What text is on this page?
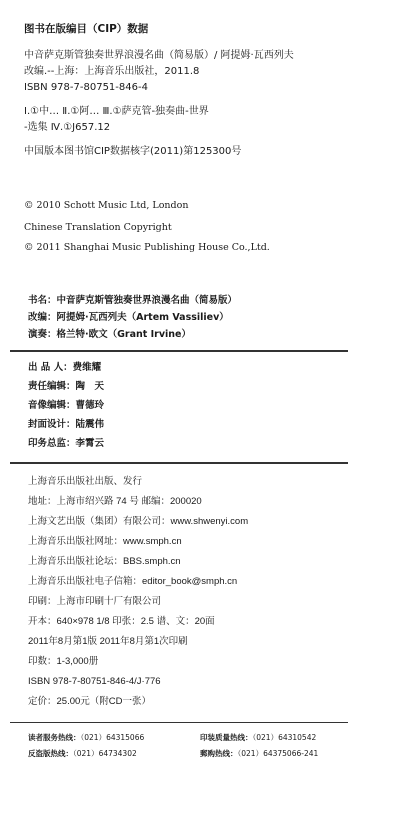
图书在版编目（CIP）数据
中音萨克斯管独奏世界浪漫名曲（简易版）/ 阿提姆·瓦西列夫
改编.--上海：上海音乐出版社，2011.8
ISBN 978-7-80751-846-4
Ⅰ.①中… Ⅱ.①阿… Ⅲ.①萨克管-独奏曲-世界
-选集 Ⅳ.①J657.12
中国版本图书馆CIP数据核字(2011)第125300号
© 2010 Schott Music Ltd, London
Chinese Translation Copyright
© 2011 Shanghai Music Publishing House Co.,Ltd.
书名：中音萨克斯管独奏世界浪漫名曲（简易版）
改编：阿提姆·瓦西列夫（Artem Vassiliev）
演奏：格兰特·欧文（Grant Irvine）
出 品 人：费维耀
责任编辑：陶　天
音像编辑：曹德玲
封面设计：陆震伟
印务总监：李霄云
上海音乐出版社出版、发行
地址：上海市绍兴路 74 号 邮编：200020
上海文艺出版（集团）有限公司：www.shwenyi.com
上海音乐出版社网址：www.smph.cn
上海音乐出版社论坛：BBS.smph.cn
上海音乐出版社电子信箱：editor_book@smph.cn
印刷：上海市印刷十厂有限公司
开本：640×978 1/8 印张：2.5 谱、文：20面
2011年8月第1版 2011年8月第1次印刷
印数：1-3,000册
ISBN 978-7-80751-846-4/J·776
定价：25.00元（附CD一张）
读者服务热线：（021）64315066	印装质量热线：（021）64310542
反盗版热线：（021）64734302	郵购热线：（021）64375066-241
